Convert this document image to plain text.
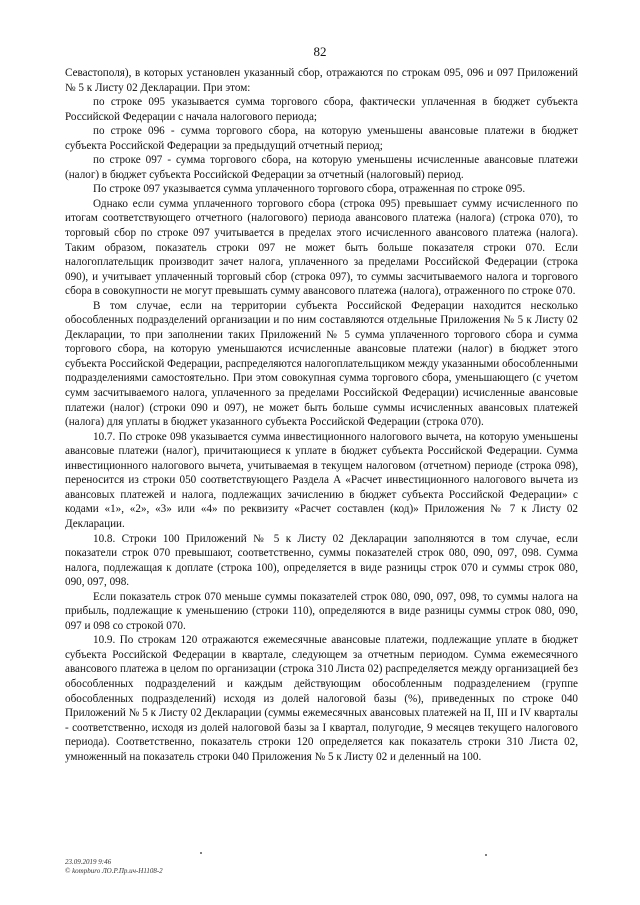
82

Севастополя), в которых установлен указанный сбор, отражаются по строкам 095, 096 и 097 Приложений № 5 к Листу 02 Декларации. При этом:

по строке 095 указывается сумма торгового сбора, фактически уплаченная в бюджет субъекта Российской Федерации с начала налогового периода;

по строке 096 - сумма торгового сбора, на которую уменьшены авансовые платежи в бюджет субъекта Российской Федерации за предыдущий отчетный период;

по строке 097 - сумма торгового сбора, на которую уменьшены исчисленные авансовые платежи (налог) в бюджет субъекта Российской Федерации за отчетный (налоговый) период.

По строке 097 указывается сумма уплаченного торгового сбора, отраженная по строке 095.

Однако если сумма уплаченного торгового сбора (строка 095) превышает сумму исчисленного по итогам соответствующего отчетного (налогового) периода авансового платежа (налога) (строка 070), то торговый сбор по строке 097 учитывается в пределах этого исчисленного авансового платежа (налога). Таким образом, показатель строки 097 не может быть больше показателя строки 070. Если налогоплательщик производит зачет налога, уплаченного за пределами Российской Федерации (строка 090), и учитывает уплаченный торговый сбор (строка 097), то суммы засчитываемого налога и торгового сбора в совокупности не могут превышать сумму авансового платежа (налога), отраженного по строке 070.

В том случае, если на территории субъекта Российской Федерации находится несколько обособленных подразделений организации и по ним составляются отдельные Приложения № 5 к Листу 02 Декларации, то при заполнении таких Приложений № 5 сумма уплаченного торгового сбора и сумма торгового сбора, на которую уменьшаются исчисленные авансовые платежи (налог) в бюджет этого субъекта Российской Федерации, распределяются налогоплательщиком между указанными обособленными подразделениями самостоятельно. При этом совокупная сумма торгового сбора, уменьшающего (с учетом сумм засчитываемого налога, уплаченного за пределами Российской Федерации) исчисленные авансовые платежи (налог) (строки 090 и 097), не может быть больше суммы исчисленных авансовых платежей (налога) для уплаты в бюджет указанного субъекта Российской Федерации (строка 070).

10.7. По строке 098 указывается сумма инвестиционного налогового вычета, на которую уменьшены авансовые платежи (налог), причитающиеся к уплате в бюджет субъекта Российской Федерации. Сумма инвестиционного налогового вычета, учитываемая в текущем налоговом (отчетном) периоде (строка 098), переносится из строки 050 соответствующего Раздела А «Расчет инвестиционного налогового вычета из авансовых платежей и налога, подлежащих зачислению в бюджет субъекта Российской Федерации» с кодами «1», «2», «3» или «4» по реквизиту «Расчет составлен (код)» Приложения № 7 к Листу 02 Декларации.

10.8. Строки 100 Приложений № 5 к Листу 02 Декларации заполняются в том случае, если показатели строк 070 превышают, соответственно, суммы показателей строк 080, 090, 097, 098. Сумма налога, подлежащая к доплате (строка 100), определяется в виде разницы строк 070 и суммы строк 080, 090, 097, 098.

Если показатель строк 070 меньше суммы показателей строк 080, 090, 097, 098, то суммы налога на прибыль, подлежащие к уменьшению (строки 110), определяются в виде разницы суммы строк 080, 090, 097 и 098 со строкой 070.

10.9. По строкам 120 отражаются ежемесячные авансовые платежи, подлежащие уплате в бюджет субъекта Российской Федерации в квартале, следующем за отчетным периодом. Сумма ежемесячного авансового платежа в целом по организации (строка 310 Листа 02) распределяется между организацией без обособленных подразделений и каждым действующим обособленным подразделением (группе обособленных подразделений) исходя из долей налоговой базы (%), приведенных по строке 040 Приложений № 5 к Листу 02 Декларации (суммы ежемесячных авансовых платежей на II, III и IV кварталы - соответственно, исходя из долей налоговой базы за I квартал, полугодие, 9 месяцев текущего налогового периода). Соответственно, показатель строки 120 определяется как показатель строки 310 Листа 02, умноженный на показатель строки 040 Приложения № 5 к Листу 02 и деленный на 100.

23.09.2019 9:46
© kompburo ЛО.Р.Пр.ич-Н1108-2
